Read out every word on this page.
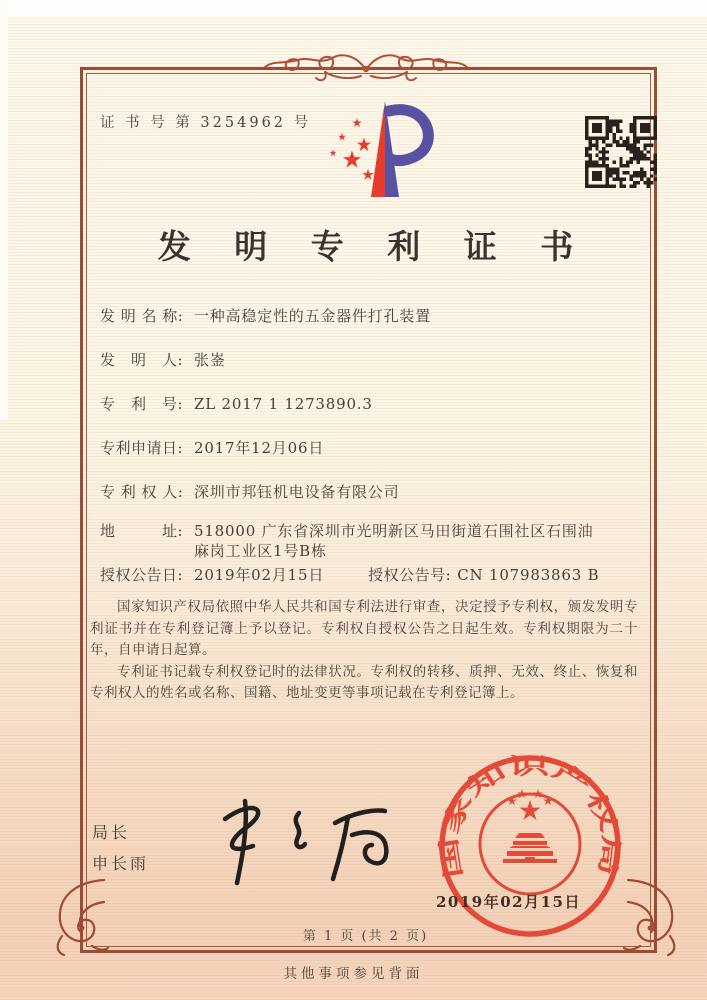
证 书 号 第 3254962 号
发 明 专 利 证 书
发 明 名 称: 一种高稳定性的五金器件打孔装置
发　明　人: 张崟
专　利　号: ZL 2017 1 1273890.3
专利申请日: 2017年12月06日
专 利 权 人: 深圳市邦钰机电设备有限公司
地　　　址: 518000 广东省深圳市光明新区马田街道石围社区石围油麻岗工业区1号B栋
授权公告日: 2019年02月15日	授权公告号: CN 107983863 B

国家知识产权局依照中华人民共和国专利法进行审查，决定授予专利权，颁发发明专利证书并在专利登记簿上予以登记。专利权自授权公告之日起生效。专利权期限为二十年，自申请日起算。

专利证书记载专利权登记时的法律状况。专利权的转移、质押、无效、终止、恢复和专利权人的姓名或名称、国籍、地址变更等事项记载在专利登记簿上。

局长
申长雨	国家知识产权局
2019年02月15日
第 1 页 (共 2 页)
其他事项参见背面
